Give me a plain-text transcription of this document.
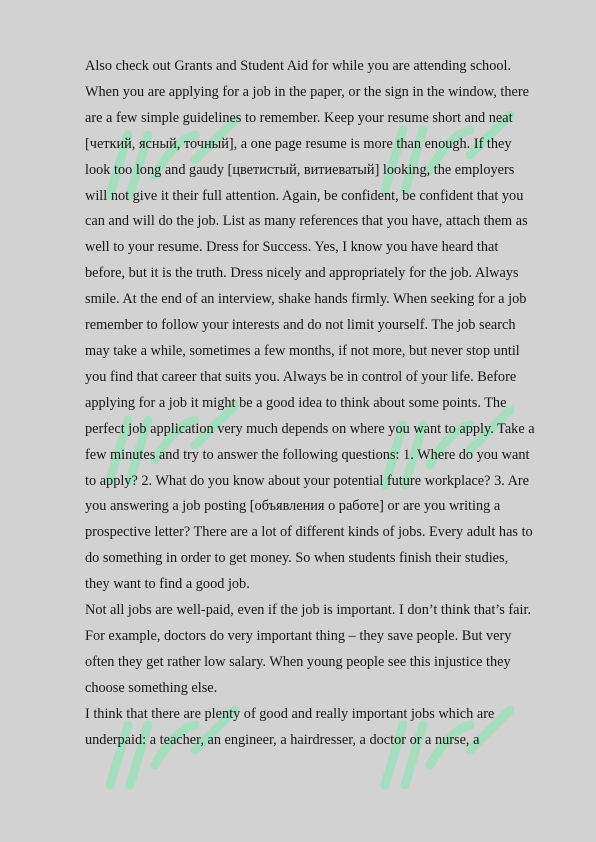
Also check out Grants and Student Aid for while you are attending school. When you are applying for a job in the paper, or the sign in the window, there are a few simple guidelines to remember. Keep your resume short and neat [четкий, ясный, точный], a one page resume is more than enough. If they look too long and gaudy [цветистый, витиеватый] looking, the employers will not give it their full attention. Again, be confident, be confident that you can and will do the job. List as many references that you have, attach them as well to your resume. Dress for Success. Yes, I know you have heard that before, but it is the truth. Dress nicely and appropriately for the job. Always smile. At the end of an interview, shake hands firmly. When seeking for a job remember to follow your interests and do not limit yourself. The job search may take a while, sometimes a few months, if not more, but never stop until you find that career that suits you. Always be in control of your life. Before applying for a job it might be a good idea to think about some points. The perfect job application very much depends on where you want to apply. Take a few minutes and try to answer the following questions: 1. Where do you want to apply? 2. What do you know about your potential future workplace? 3. Are you answering a job posting [объявления о работе] or are you writing a prospective letter? There are a lot of different kinds of jobs. Every adult has to do something in order to get money. So when students finish their studies, they want to find a good job.

Not all jobs are well-paid, even if the job is important. I don’t think that’s fair. For example, doctors do very important thing – they save people. But very often they get rather low salary. When young people see this injustice they choose something else.

I think that there are plenty of good and really important jobs which are underpaid: a teacher, an engineer, a hairdresser, a doctor or a nurse, a
